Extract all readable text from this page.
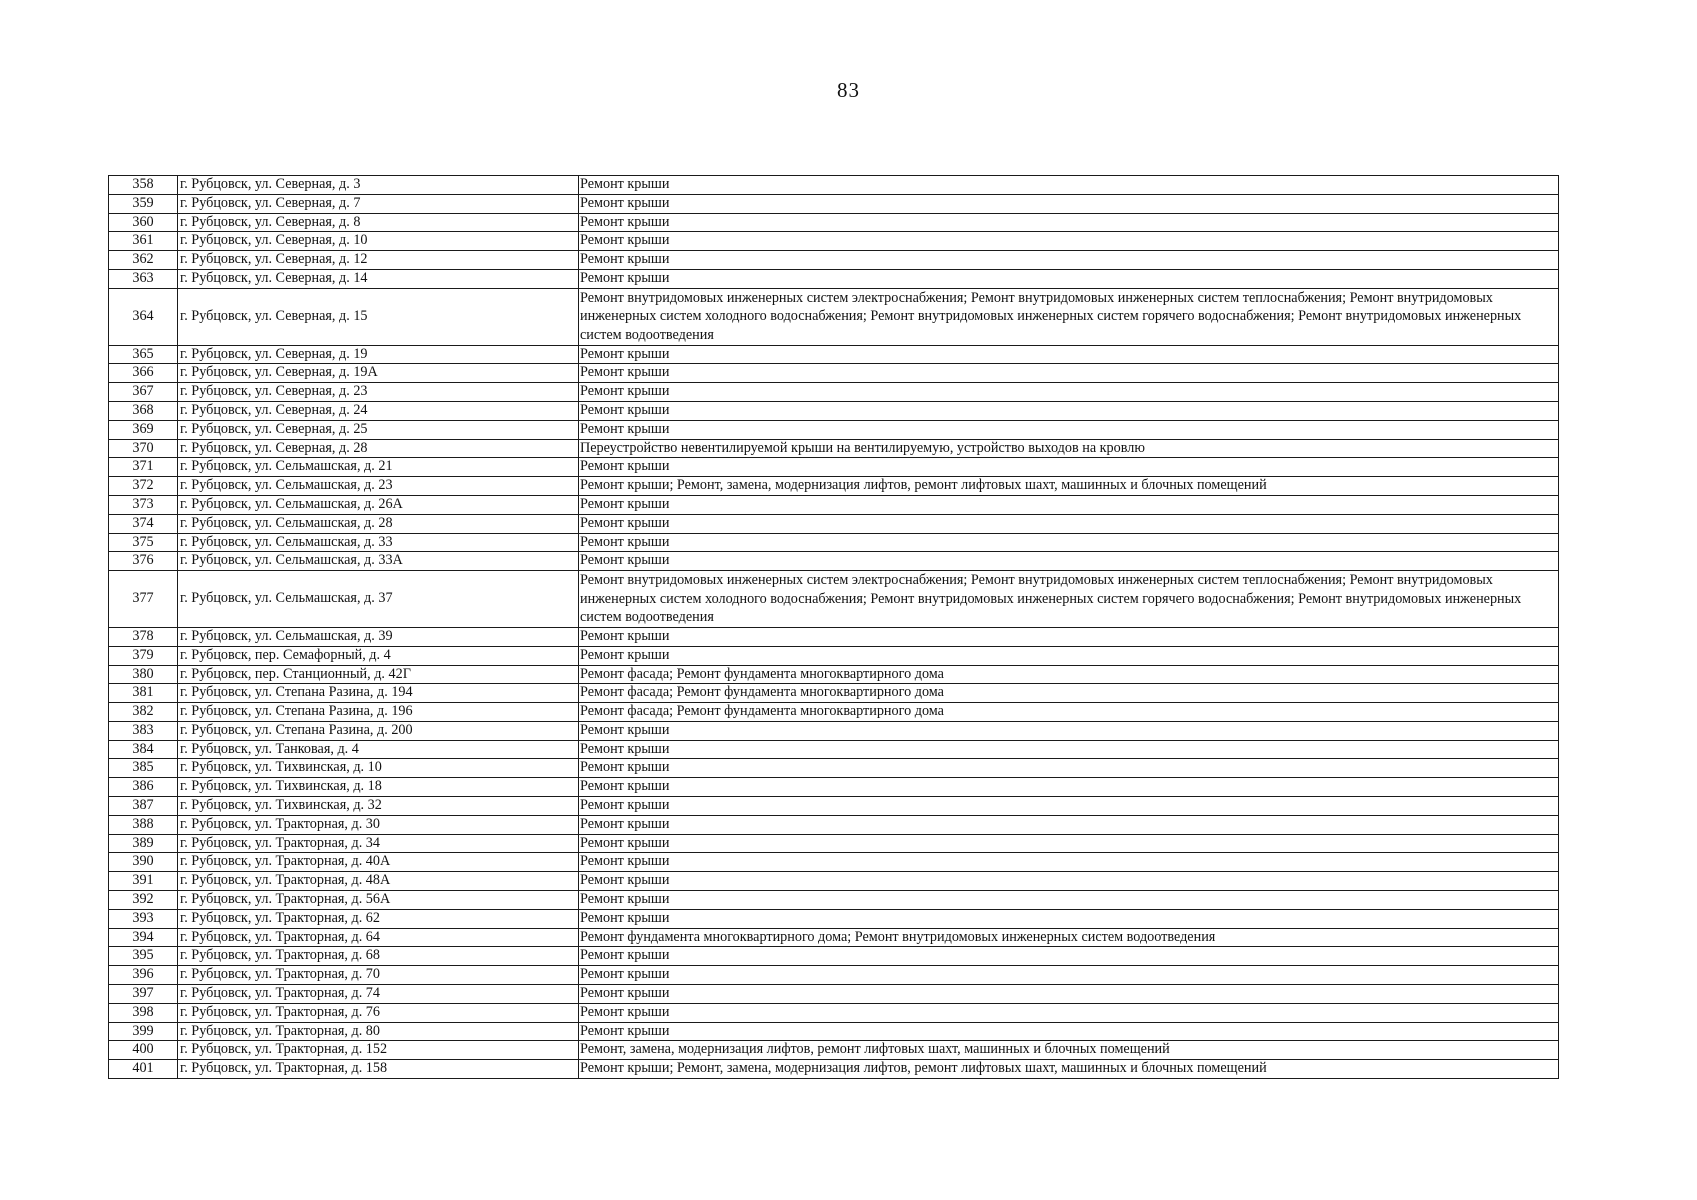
83
358	г. Рубцовск, ул. Северная, д. 3	Ремонт крыши
359	г. Рубцовск, ул. Северная, д. 7	Ремонт крыши
360	г. Рубцовск, ул. Северная, д. 8	Ремонт крыши
361	г. Рубцовск, ул. Северная, д. 10	Ремонт крыши
362	г. Рубцовск, ул. Северная, д. 12	Ремонт крыши
363	г. Рубцовск, ул. Северная, д. 14	Ремонт крыши
364	г. Рубцовск, ул. Северная, д. 15	Ремонт внутридомовых инженерных систем электроснабжения; Ремонт внутридомовых инженерных систем теплоснабжения; Ремонт внутридомовых инженерных систем холодного водоснабжения; Ремонт внутридомовых инженерных систем горячего водоснабжения; Ремонт внутридомовых инженерных систем водоотведения
365	г. Рубцовск, ул. Северная, д. 19	Ремонт крыши
366	г. Рубцовск, ул. Северная, д. 19А	Ремонт крыши
367	г. Рубцовск, ул. Северная, д. 23	Ремонт крыши
368	г. Рубцовск, ул. Северная, д. 24	Ремонт крыши
369	г. Рубцовск, ул. Северная, д. 25	Ремонт крыши
370	г. Рубцовск, ул. Северная, д. 28	Переустройство невентилируемой крыши на вентилируемую, устройство выходов на кровлю
371	г. Рубцовск, ул. Сельмашская, д. 21	Ремонт крыши
372	г. Рубцовск, ул. Сельмашская, д. 23	Ремонт крыши; Ремонт, замена, модернизация лифтов, ремонт лифтовых шахт, машинных и блочных помещений
373	г. Рубцовск, ул. Сельмашская, д. 26А	Ремонт крыши
374	г. Рубцовск, ул. Сельмашская, д. 28	Ремонт крыши
375	г. Рубцовск, ул. Сельмашская, д. 33	Ремонт крыши
376	г. Рубцовск, ул. Сельмашская, д. 33А	Ремонт крыши
377	г. Рубцовск, ул. Сельмашская, д. 37	Ремонт внутридомовых инженерных систем электроснабжения; Ремонт внутридомовых инженерных систем теплоснабжения; Ремонт внутридомовых инженерных систем холодного водоснабжения; Ремонт внутридомовых инженерных систем горячего водоснабжения; Ремонт внутридомовых инженерных систем водоотведения
378	г. Рубцовск, ул. Сельмашская, д. 39	Ремонт крыши
379	г. Рубцовск, пер. Семафорный, д. 4	Ремонт крыши
380	г. Рубцовск, пер. Станционный, д. 42Г	Ремонт фасада; Ремонт фундамента многоквартирного дома
381	г. Рубцовск, ул. Степана Разина, д. 194	Ремонт фасада; Ремонт фундамента многоквартирного дома
382	г. Рубцовск, ул. Степана Разина, д. 196	Ремонт фасада; Ремонт фундамента многоквартирного дома
383	г. Рубцовск, ул. Степана Разина, д. 200	Ремонт крыши
384	г. Рубцовск, ул. Танковая, д. 4	Ремонт крыши
385	г. Рубцовск, ул. Тихвинская, д. 10	Ремонт крыши
386	г. Рубцовск, ул. Тихвинская, д. 18	Ремонт крыши
387	г. Рубцовск, ул. Тихвинская, д. 32	Ремонт крыши
388	г. Рубцовск, ул. Тракторная, д. 30	Ремонт крыши
389	г. Рубцовск, ул. Тракторная, д. 34	Ремонт крыши
390	г. Рубцовск, ул. Тракторная, д. 40А	Ремонт крыши
391	г. Рубцовск, ул. Тракторная, д. 48А	Ремонт крыши
392	г. Рубцовск, ул. Тракторная, д. 56А	Ремонт крыши
393	г. Рубцовск, ул. Тракторная, д. 62	Ремонт крыши
394	г. Рубцовск, ул. Тракторная, д. 64	Ремонт фундамента многоквартирного дома; Ремонт внутридомовых инженерных систем водоотведения
395	г. Рубцовск, ул. Тракторная, д. 68	Ремонт крыши
396	г. Рубцовск, ул. Тракторная, д. 70	Ремонт крыши
397	г. Рубцовск, ул. Тракторная, д. 74	Ремонт крыши
398	г. Рубцовск, ул. Тракторная, д. 76	Ремонт крыши
399	г. Рубцовск, ул. Тракторная, д. 80	Ремонт крыши
400	г. Рубцовск, ул. Тракторная, д. 152	Ремонт, замена, модернизация лифтов, ремонт лифтовых шахт, машинных и блочных помещений
401	г. Рубцовск, ул. Тракторная, д. 158	Ремонт крыши; Ремонт, замена, модернизация лифтов, ремонт лифтовых шахт, машинных и блочных помещений
